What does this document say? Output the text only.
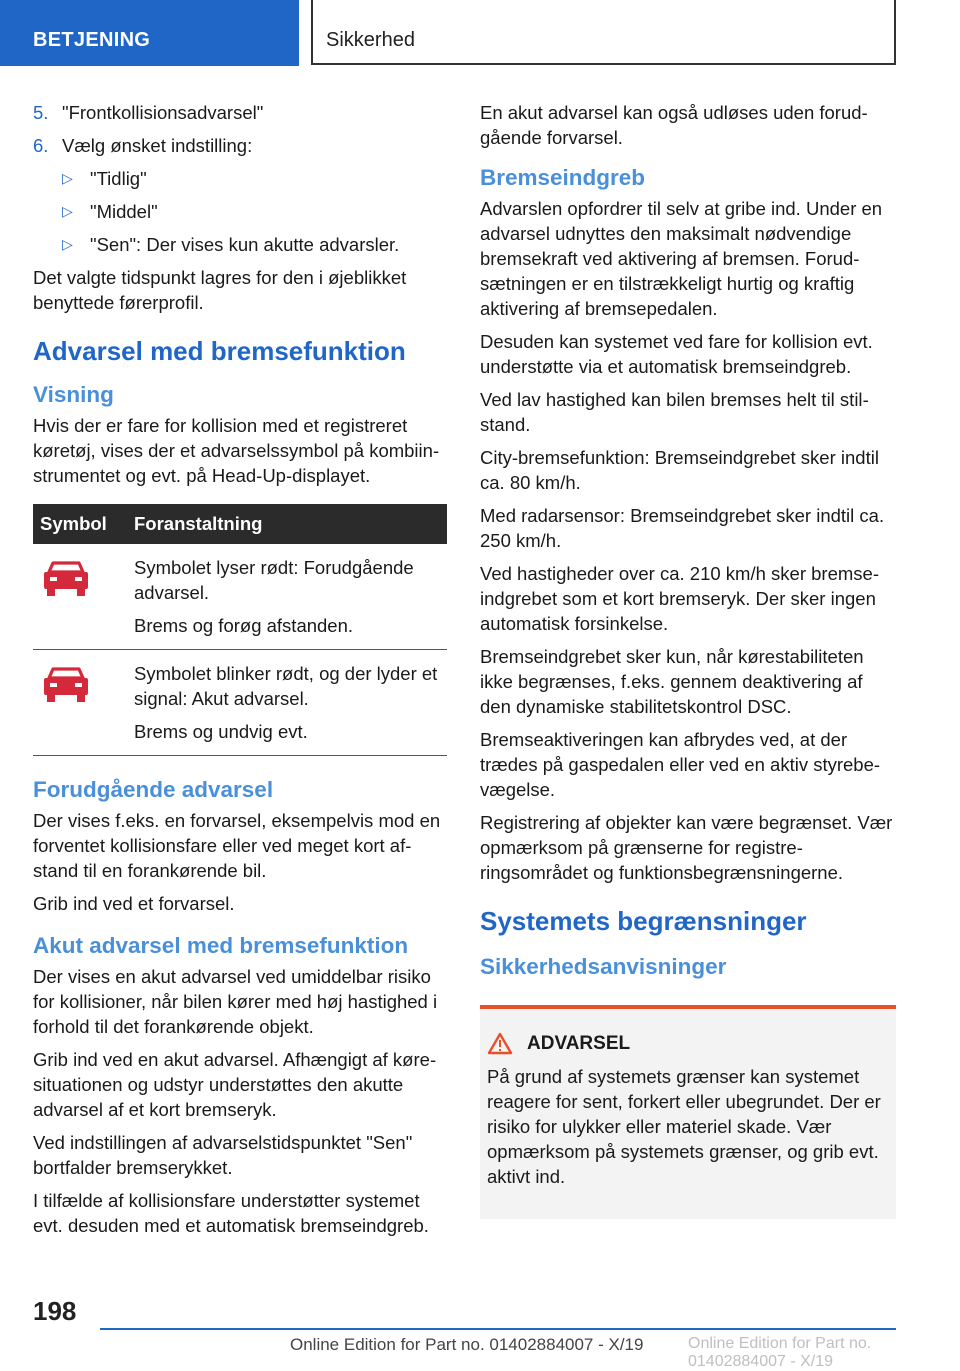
BETJENING	Sikkerhed
5. "Frontkollisionsadvarsel"
6. Vælg ønsket indstilling:
▷ "Tidlig"
▷ "Middel"
▷ "Sen": Der vises kun akutte advarsler.

Det valgte tidspunkt lagres for den i øjeblikket benyttede førerprofil.

Advarsel med bremsefunktion
Visning

Hvis der er fare for kollision med et registreret køretøj, vises der et advarselssymbol på kombiinstrumentet og evt. på Head-Up-displayet.

Symbol	Foranstaltning

Symbolet lyser rødt: Forudgående advarsel.

Brems og forøg afstanden.

Symbolet blinker rødt, og der lyder et signal: Akut advarsel.

Brems og undvig evt.

Forudgående advarsel

Der vises f.eks. en forvarsel, eksempelvis mod en forventet kollisionsfare eller ved meget kort afstand til en forankørende bil.

Grib ind ved et forvarsel.

Akut advarsel med bremsefunktion

Der vises en akut advarsel ved umiddelbar risiko for kollisioner, når bilen kører med høj hastighed i forhold til det forankørende objekt.

Grib ind ved en akut advarsel. Afhængigt af køresituationen og udstyr understøttes den akutte advarsel af et kort bremseryk.

Ved indstillingen af advarselstidspunktet "Sen" bortfalder bremserykket.

I tilfælde af kollisionsfare understøtter systemet evt. desuden med et automatisk bremseindgreb.

En akut advarsel kan også udløses uden forudgående forvarsel.

Bremseindgreb

Advarslen opfordrer til selv at gribe ind. Under en advarsel udnyttes den maksimalt nødvendige bremsekraft ved aktivering af bremsen. Forudsætningen er en tilstrækkeligt hurtig og kraftig aktivering af bremsepedalen.

Desuden kan systemet ved fare for kollision evt. understøtte via et automatisk bremseindgreb.

Ved lav hastighed kan bilen bremses helt til stilstand.

City-bremsefunktion: Bremseindgrebet sker indtil ca. 80 km/h.

Med radarsensor: Bremseindgrebet sker indtil ca. 250 km/h.

Ved hastigheder over ca. 210 km/h sker bremseindgrebet som et kort bremseryk. Der sker ingen automatisk forsinkelse.

Bremseindgrebet sker kun, når kørestabiliteten ikke begrænses, f.eks. gennem deaktivering af den dynamiske stabilitetskontrol DSC.

Bremseaktiveringen kan afbrydes ved, at der trædes på gaspedalen eller ved en aktiv styrebevægelse.

Registrering af objekter kan være begrænset. Vær opmærksom på grænserne for registreringsområdet og funktionsbegrænsningerne.

Systemets begrænsninger
Sikkerhedsanvisninger
ADVARSEL

På grund af systemets grænser kan systemet reagere for sent, forkert eller ubegrundet. Der er risiko for ulykker eller materiel skade. Vær opmærksom på systemets grænser, og grib evt. aktivt ind.

198
Online Edition for Part no. 01402884007 - X/19	Online Edition for Part no. 01402884007 - X/19
